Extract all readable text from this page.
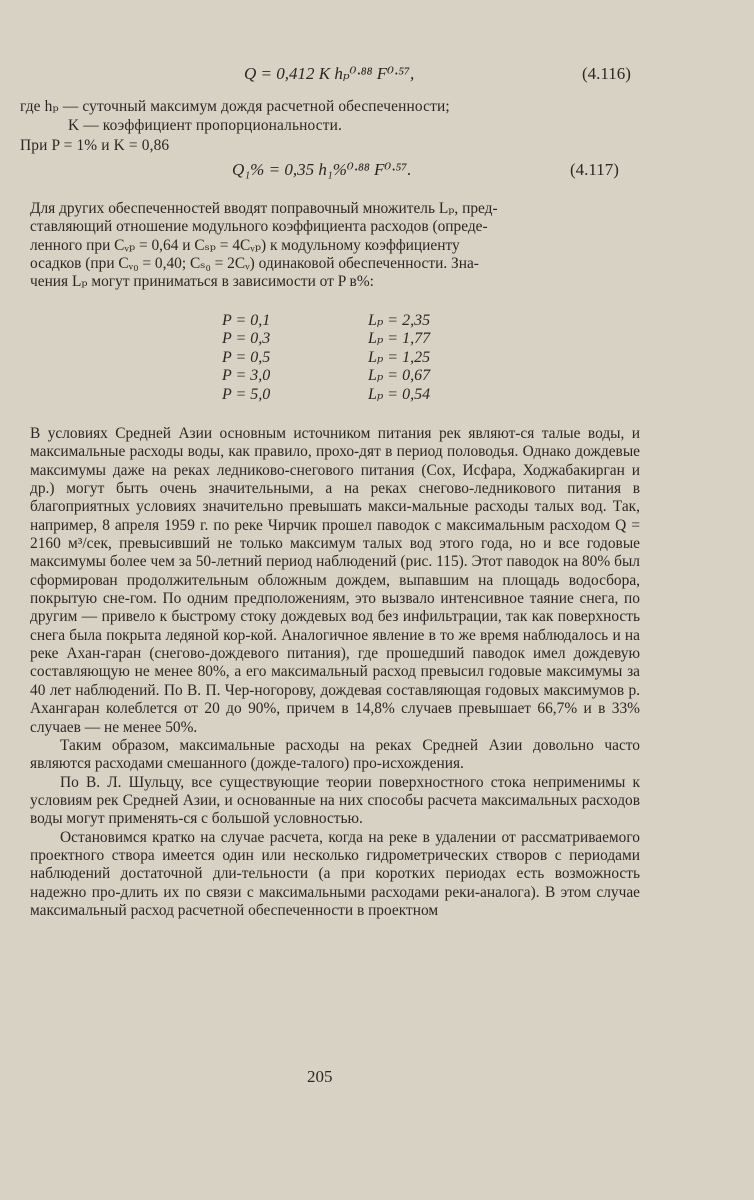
Q = 0,412 K hₚ⁰·⁸⁸ F⁰·⁵⁷,	(4.116)
где hₚ — суточный максимум дождя расчетной обеспеченности;
K — коэффициент пропорциональности.
При P = 1% и K = 0,86
Q₁% = 0,35 h₁%⁰·⁸⁸ F⁰·⁵⁷.	(4.117)
Для других обеспеченностей вводят поправочный множитель Lₚ, пред-
ставляющий отношение модульного коэффициента расходов (опреде-
ленного при Cᵥₚ = 0,64 и Cₛₚ = 4Cᵥₚ) к модульному коэффициенту
осадков (при Cᵥ₀ = 0,40; Cₛ₀ = 2Cᵥ) одинаковой обеспеченности. Зна-
чения Lₚ могут приниматься в зависимости от P в%:
P = 0,1
P = 0,3
P = 0,5
P = 3,0
P = 5,0
Lₚ = 2,35
Lₚ = 1,77
Lₚ = 1,25
Lₚ = 0,67
Lₚ = 0,54

В условиях Средней Азии основным источником питания рек являют-ся талые воды, и максимальные расходы воды, как правило, прохо-дят в период половодья. Однако дождевые максимумы даже на реках ледниково-снегового питания (Сох, Исфара, Ходжабакирган и др.) могут быть очень значительными, а на реках снегово-ледникового питания в благоприятных условиях значительно превышать макси-мальные расходы талых вод. Так, например, 8 апреля 1959 г. по реке Чирчик прошел паводок с максимальным расходом Q = 2160 м³/сек, превысивший не только максимум талых вод этого года, но и все годовые максимумы более чем за 50-летний период наблюдений (рис. 115). Этот паводок на 80% был сформирован продолжительным обложным дождем, выпавшим на площадь водосбора, покрытую сне-гом. По одним предположениям, это вызвало интенсивное таяние снега, по другим — привело к быстрому стоку дождевых вод без инфильтрации, так как поверхность снега была покрыта ледяной кор-кой. Аналогичное явление в то же время наблюдалось и на реке Ахан-гаран (снегово-дождевого питания), где прошедший паводок имел дождевую составляющую не менее 80%, а его максимальный расход превысил годовые максимумы за 40 лет наблюдений. По В. П. Чер-ногорову, дождевая составляющая годовых максимумов р. Ахангаран колеблется от 20 до 90%, причем в 14,8% случаев превышает 66,7% и в 33% случаев — не менее 50%.

Таким образом, максимальные расходы на реках Средней Азии довольно часто являются расходами смешанного (дожде-талого) про-исхождения.

По В. Л. Шульцу, все существующие теории поверхностного стока неприменимы к условиям рек Средней Азии, и основанные на них способы расчета максимальных расходов воды могут применять-ся с большой условностью.

Остановимся кратко на случае расчета, когда на реке в удалении от рассматриваемого проектного створа имеется один или несколько гидрометрических створов с периодами наблюдений достаточной дли-тельности (а при коротких периодах есть возможность надежно про-длить их по связи с максимальными расходами реки-аналога). В этом случае максимальный расход расчетной обеспеченности в проектном

205
